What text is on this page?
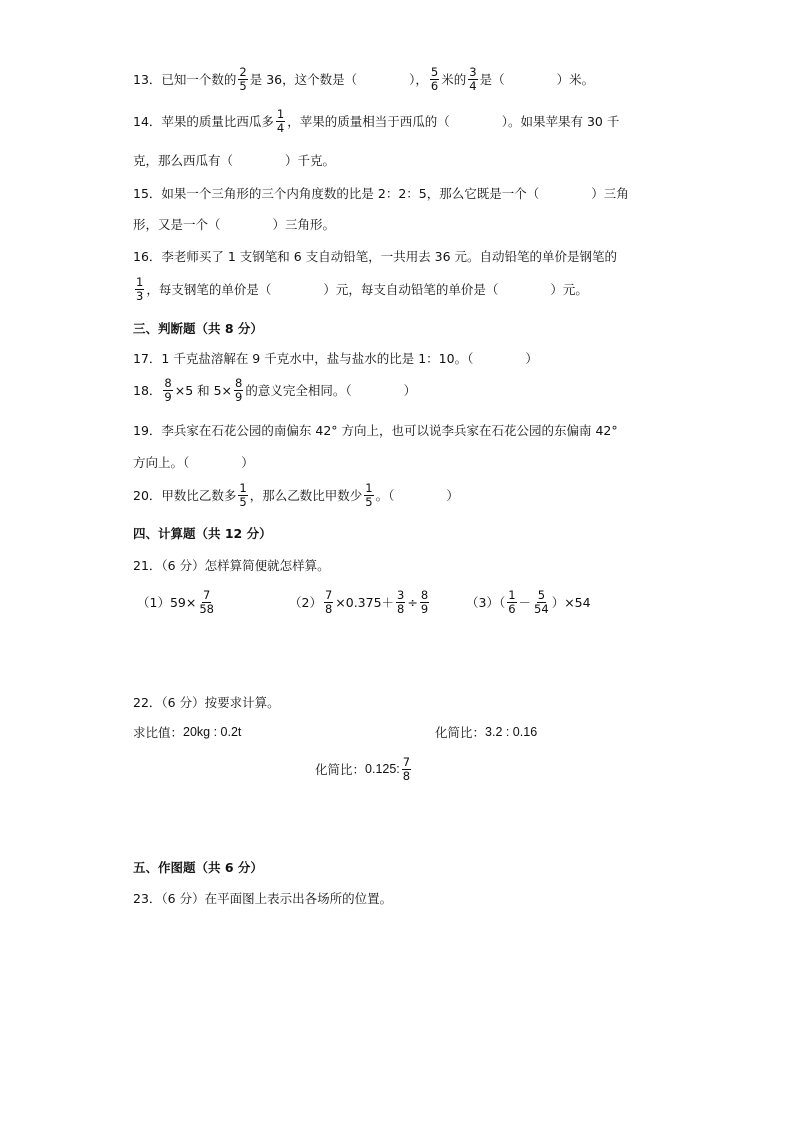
13．已知一个数的 $\frac{2}{5}$ 是 36，这个数是（	）， $\frac{5}{6}$ 米的 $\frac{3}{4}$ 是（	）米。
14．苹果的质量比西瓜多 $\frac{1}{4}$ ，苹果的质量相当于西瓜的（	）。如果苹果有 30 千
克，那么西瓜有（	）千克。
15．如果一个三角形的三个内角度数的比是 2：2：5，那么它既是一个（	）三角
形，又是一个（	）三角形。
16．李老师买了 1 支钢笔和 6 支自动铅笔，一共用去 36 元。自动铅笔的单价是钢笔的
$\frac{1}{3}$ ，每支钢笔的单价是（	）元，每支自动铅笔的单价是（	）元。
三、判断题（共 8 分）
17．1 千克盐溶解在 9 千克水中，盐与盐水的比是 1：10。（	）
18． $\frac{8}{9} \times 5$ 和 $5\times \frac{8}{9}$ 的意义完全相同。（	）
19．李兵家在石花公园的南偏东 42° 方向上，也可以说李兵家在石花公园的东偏南 42°
方向上。（	）
20．甲数比乙数多 $\frac{1}{5}$ ，那么乙数比甲数少 $\frac{1}{5}$ 。（	）
四、计算题（共 12 分）
21．（6 分）怎样算简便就怎样算。
$(1)59\times \frac{7}{58}$	$(2) \frac{7}{8} \times 0.375+ \frac{3}{8} \div \frac{8}{9}$	$(3)( \frac{1}{6} - \frac{5}{54} )\times 54$
22．（6 分）按要求计算。
求比值： 20kg : 0.2t	化简比： 3.2 : 0.16
化简比： 0.125: $\frac{7}{8}$
五、作图题（共 6 分）
23．（6 分）在平面图上表示出各场所的位置。
